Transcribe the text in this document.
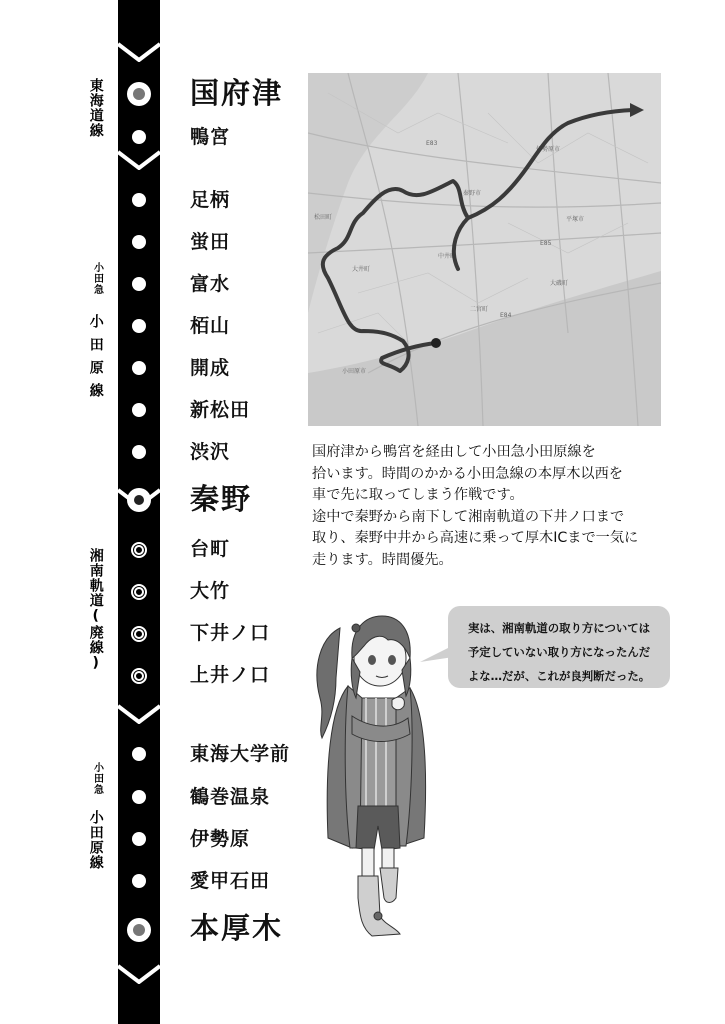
東海道線
小田急
小田原線
湘南軌道(廃線)
小田急
小田原線
国府津
鴨宮
足柄
蛍田
富水
栢山
開成
新松田
渋沢
秦野
台町
大竹
下井ノ口
上井ノ口
東海大学前
鶴巻温泉
伊勢原
愛甲石田
本厚木
伊勢原市
秦野市
平塚市
大磯町
二宮町
中井町
大井町
松田町
小田原市
E84
E85
E83
国府津から鴨宮を経由して小田急小田原線を
拾います。時間のかかる小田急線の本厚木以西を
車で先に取ってしまう作戦です。
途中で秦野から南下して湘南軌道の下井ノ口まで
取り、秦野中井から高速に乗って厚木ICまで一気に
走ります。時間優先。
実は、湘南軌道の取り方については
予定していない取り方になったんだ
よな…だが、これが良判断だった。
